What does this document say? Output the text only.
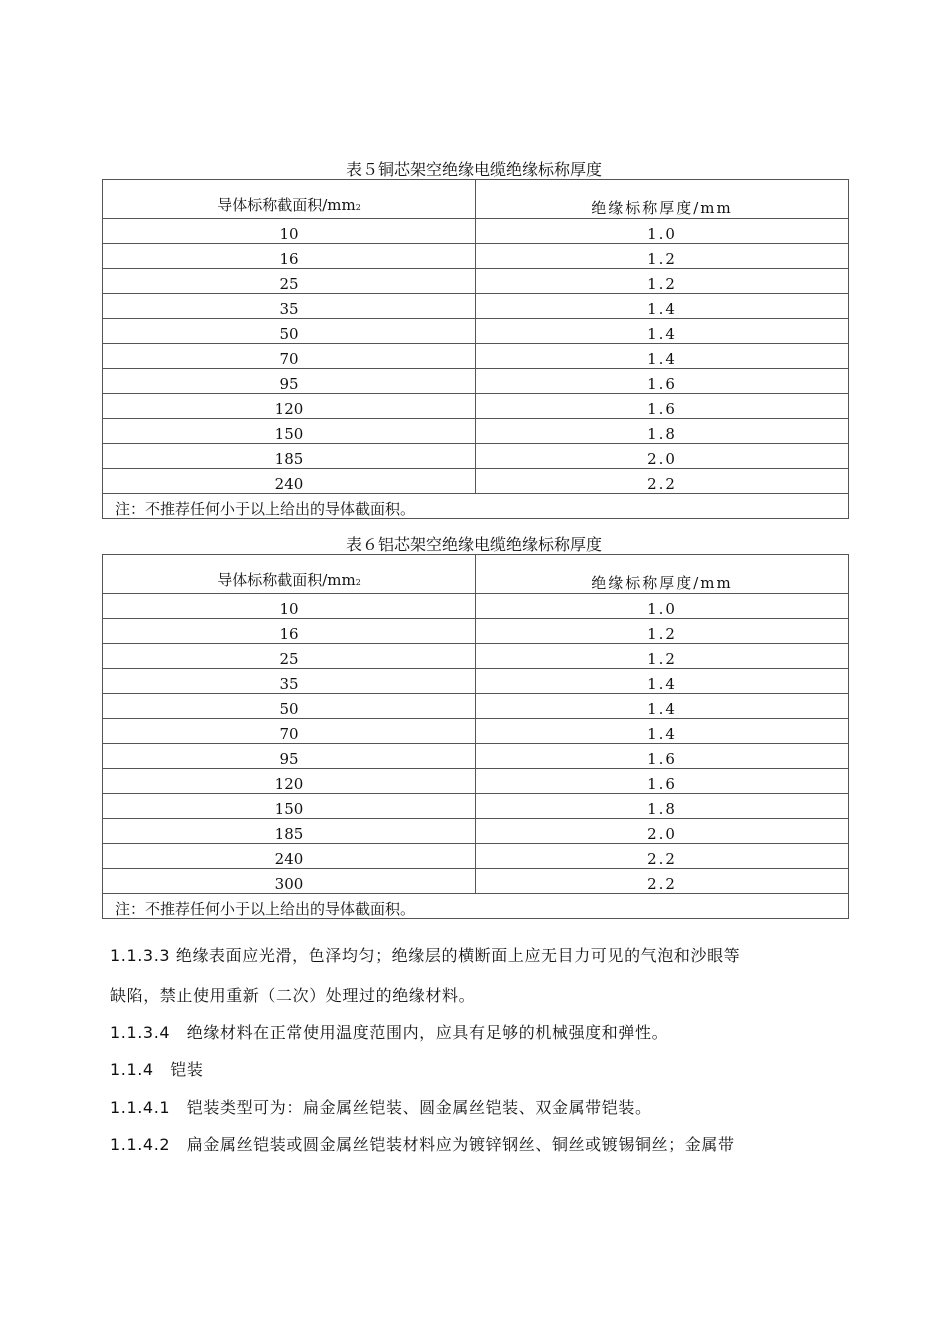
表５铜芯架空绝缘电缆绝缘标称厚度
导体标称截面积/mm2	绝缘标称厚度/mm
10	1.0
16	1.2
25	1.2
35	1.4
50	1.4
70	1.4
95	1.6
120	1.6
150	1.8
185	2.0
240	2.2
注：不推荐任何小于以上给出的导体截面积。	
表６铝芯架空绝缘电缆绝缘标称厚度
导体标称截面积/mm2	绝缘标称厚度/mm
10	1.0
16	1.2
25	1.2
35	1.4
50	1.4
70	1.4
95	1.6
120	1.6
150	1.8
185	2.0
240	2.2
300	2.2
注：不推荐任何小于以上给出的导体截面积。	
1.1.3.3 绝缘表面应光滑，色泽均匀；绝缘层的横断面上应无目力可见的气泡和沙眼等
缺陷，禁止使用重新（二次）处理过的绝缘材料。
1.1.3.4　绝缘材料在正常使用温度范围内，应具有足够的机械强度和弹性。
1.1.4　铠装
1.1.4.1　铠装类型可为：扁金属丝铠装、圆金属丝铠装、双金属带铠装。
1.1.4.2　扁金属丝铠装或圆金属丝铠装材料应为镀锌钢丝、铜丝或镀锡铜丝；金属带
